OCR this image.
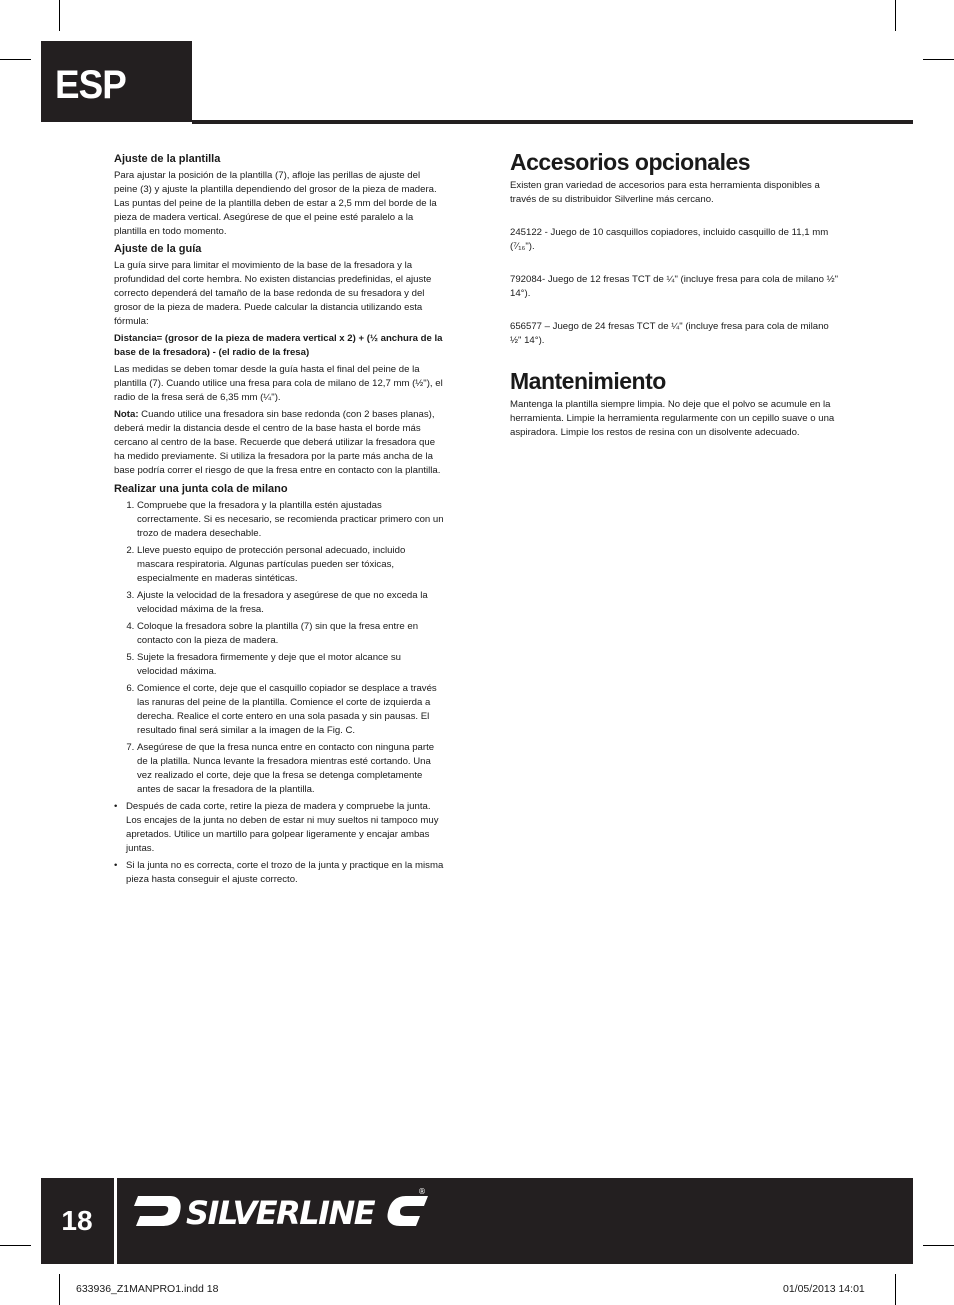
ESP
Ajuste de la plantilla

Para ajustar la posición de la plantilla (7), afloje las perillas de ajuste del peine (3) y ajuste la plantilla dependiendo del grosor de la pieza de madera. Las puntas del peine de la plantilla deben de estar a 2,5 mm del borde de la pieza de madera vertical. Asegúrese de que el peine esté paralelo a la plantilla en todo momento.

Ajuste de la guía

La guía sirve para limitar el movimiento de la base de la fresadora y la profundidad del corte hembra. No existen distancias predefinidas, el ajuste correcto dependerá del tamaño de la base redonda de su fresadora y del grosor de la pieza de madera. Puede calcular la distancia utilizando esta fórmula:

Distancia= (grosor de la pieza de madera vertical x 2) + (½ anchura de la base de la fresadora) - (el radio de la fresa)

Las medidas se deben tomar desde la guía hasta el final del peine de la plantilla (7). Cuando utilice una fresa para cola de milano de 12,7 mm (½"), el radio de la fresa será de 6,35 mm (¼").

Nota: Cuando utilice una fresadora sin base redonda (con 2 bases planas), deberá medir la distancia desde el centro de la base hasta el borde más cercano al centro de la base. Recuerde que deberá utilizar la fresadora que ha medido previamente. Si utiliza la fresadora por la parte más ancha de la base podría correr el riesgo de que la fresa entre en contacto con la plantilla.

Realizar una junta cola de milano
1. Compruebe que la fresadora y la plantilla estén ajustadas correctamente. Si es necesario, se recomienda practicar primero con un trozo de madera desechable.
2. Lleve puesto equipo de protección personal adecuado, incluido mascara respiratoria. Algunas partículas pueden ser tóxicas, especialmente en maderas sintéticas.
3. Ajuste la velocidad de la fresadora y asegúrese de que no exceda la velocidad máxima de la fresa.
4. Coloque la fresadora sobre la plantilla (7) sin que la fresa entre en contacto con la pieza de madera.
5. Sujete la fresadora firmemente y deje que el motor alcance su velocidad máxima.
6. Comience el corte, deje que el casquillo copiador se desplace a través las ranuras del peine de la plantilla. Comience el corte de izquierda a derecha. Realice el corte entero en una sola pasada y sin pausas. El resultado final será similar a la imagen de la Fig. C.
7. Asegúrese de que la fresa nunca entre en contacto con ninguna parte de la platilla. Nunca levante la fresadora mientras esté cortando. Una vez realizado el corte, deje que la fresa se detenga completamente antes de sacar la fresadora de la plantilla.
• Después de cada corte, retire la pieza de madera y compruebe la junta. Los encajes de la junta no deben de estar ni muy sueltos ni tampoco muy apretados. Utilice un martillo para golpear ligeramente y encajar ambas juntas.
• Si la junta no es correcta, corte el trozo de la junta y practique en la misma pieza hasta conseguir el ajuste correcto.
Accesorios opcionales

Existen gran variedad de accesorios para esta herramienta disponibles a través de su distribuidor Silverline más cercano.

245122 - Juego de 10 casquillos copiadores, incluido casquillo de 11,1 mm (⁷⁄₁₆").

792084- Juego de 12 fresas TCT de ¼" (incluye fresa para cola de milano ½" 14°).

656577 – Juego de 24 fresas TCT de ¼" (incluye fresa para cola de milano ½" 14°).

Mantenimiento

Mantenga la plantilla siempre limpia. No deje que el polvo se acumule en la herramienta. Limpie la herramienta regularmente con un cepillo suave o una aspiradora. Limpie los restos de resina con un disolvente adecuado.

18	SILVERLINE
®
633936_Z1MANPRO1.indd 18	01/05/2013 14:01
